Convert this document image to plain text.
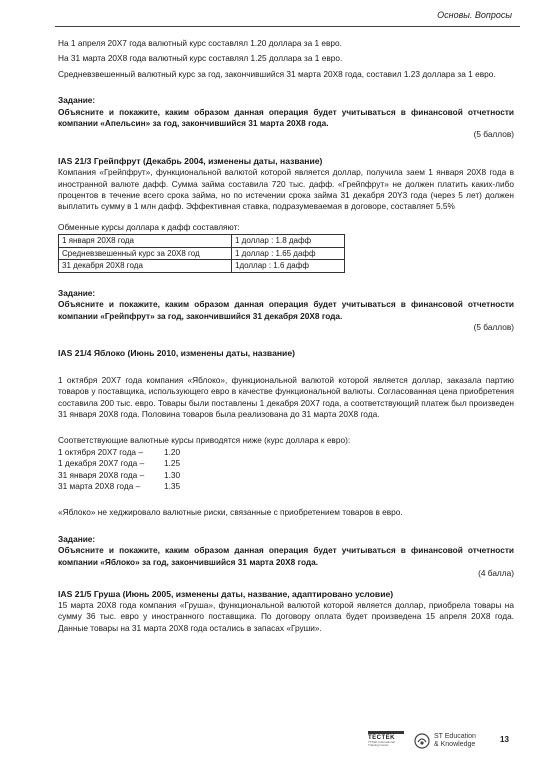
Основы. Вопросы

На 1 апреля 20X7 года валютный курс составлял 1.20 доллара за 1 евро.

На 31 марта 20X8 года валютный курс составлял 1.25 доллара за 1 евро.

Средневзвешенный валютный курс за год, закончившийся 31 марта 20X8 года, составил 1.23 доллара за 1 евро.

Задание:

Объясните и покажите, каким образом данная операция будет учитываться в финансовой отчетности компании «Апельсин» за год, закончившийся 31 марта 20X8 года.

(5 баллов)

IAS 21/3 Грейпфрут (Декабрь 2004, изменены даты, название)

Компания «Грейпфрут», функциональной валютой которой является доллар, получила заем 1 января 20X8 года в иностранной валюте дафф. Сумма займа составила 720 тыс. дафф. «Грейпфрут» не должен платить каких-либо процентов в течение всего срока займа, но по истечении срока займа 31 декабря 20Y3 года (через 5 лет) должен выплатить сумму в 1 млн дафф. Эффективная ставка, подразумеваемая в договоре, составляет 5.5%

Обменные курсы доллара к дафф составляют:

1 января 20X8 года	1 доллар : 1.8 дафф
Средневзвешенный курс за 20X8 год	1 доллар : 1.65 дафф
31 декабря 20X8 года	1доллар : 1.6 дафф

Задание:

Объясните и покажите, каким образом данная операция будет учитываться в финансовой отчетности компании «Грейпфрут» за год, закончившийся 31 декабря 20X8 года.

(5 баллов)

IAS 21/4 Яблоко (Июнь 2010, изменены даты, название)

1 октября 20X7 года компания «Яблоко», функциональной валютой которой является доллар, заказала партию товаров у поставщика, использующего евро в качестве функциональной валюты. Согласованная цена приобретения составила 200 тыс. евро. Товары были поставлены 1 декабря 20X7 года, а соответствующий платеж был произведен 31 января 20X8 года. Половина товаров была реализована до 31 марта 20X8 года.

Соответствующие валютные курсы приводятся ниже (курс доллара к евро):

1 октября 20X7 года –	1.20
1 декабря 20X7 года –	1.25
31 января 20X8 года –	1.30
31 марта 20X8 года –	1.35

«Яблоко» не хеджировало валютные риски, связанные с приобретением товаров в евро.

Задание:

Объясните и покажите, каким образом данная операция будет учитываться в финансовой отчетности компании «Яблоко» за год, закончившийся 31 марта 20X8 года.

(4 балла)

IAS 21/5 Груша (Июнь 2005, изменены даты, название, адаптировано условие)

15 марта 20X8 года компания «Груша», функциональной валютой которой является доллар, приобрела товары на сумму 36 тыс. евро у иностранного поставщика. По договору оплата будет произведена 15 апреля 20X8 года. Данные товары на 31 марта 20X8 года остались в запасах «Груши».

TECTEK
TTTEK International Training Center
ST Education
& Knowledge
13
